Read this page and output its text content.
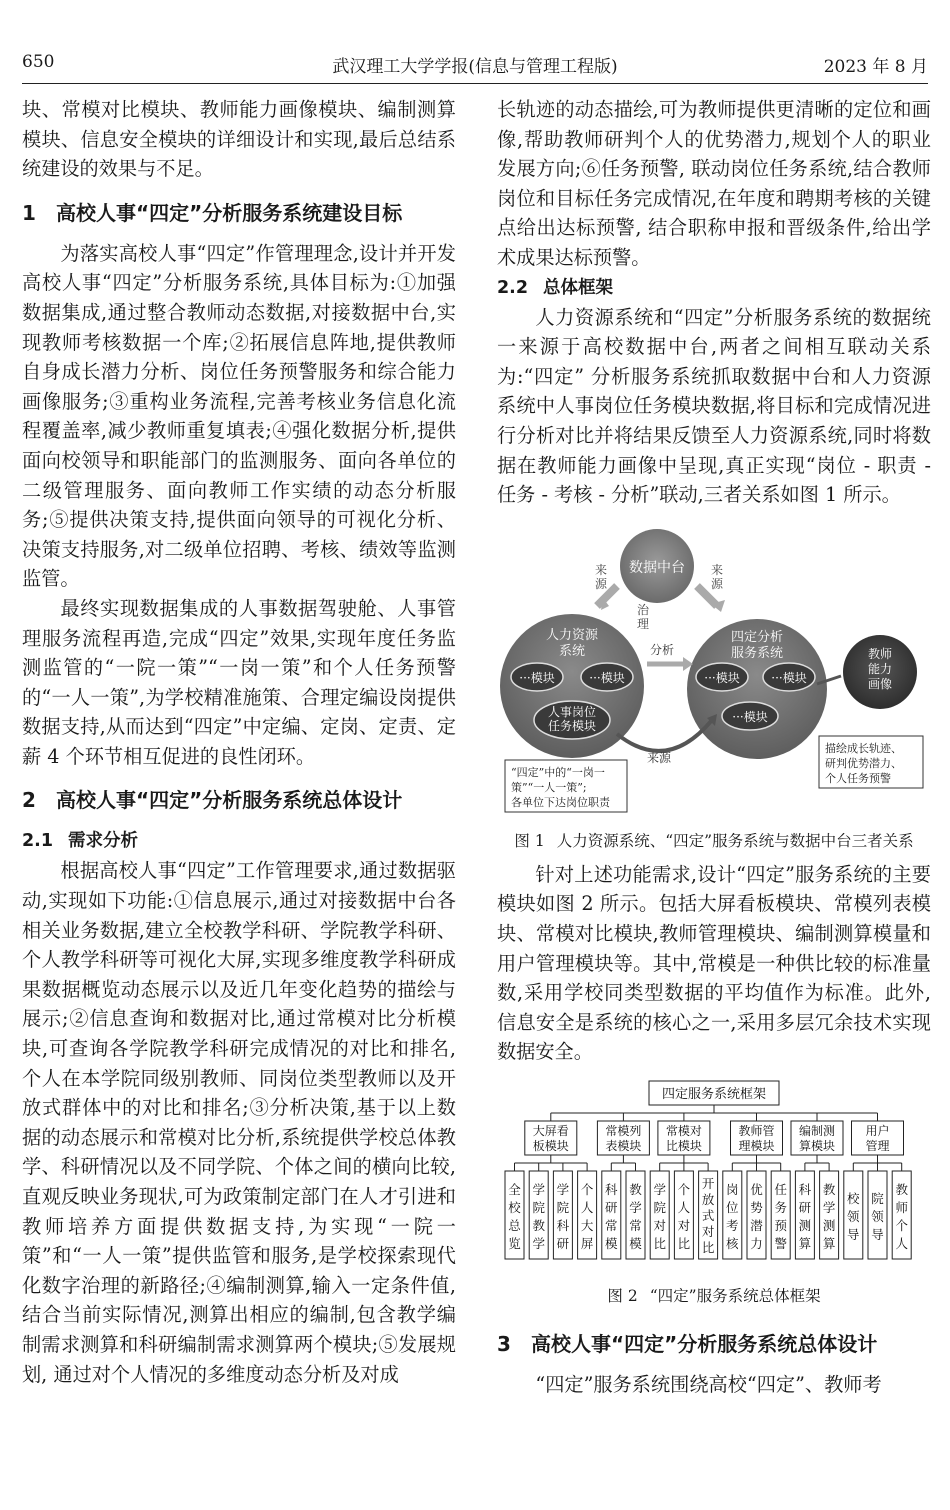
650	武汉理工大学学报(信息与管理工程版)	2023 年 8 月

块、常模对比模块、教师能力画像模块、编制测算模块、信息安全模块的详细设计和实现,最后总结系统建设的效果与不足。

1 高校人事“四定”分析服务系统建设目标

为落实高校人事“四定”作管理理念,设计并开发高校人事“四定”分析服务系统,具体目标为:①加强数据集成,通过整合教师动态数据,对接数据中台,实现教师考核数据一个库;②拓展信息阵地,提供教师自身成长潜力分析、岗位任务预警服务和综合能力画像服务;③重构业务流程,完善考核业务信息化流程覆盖率,减少教师重复填表;④强化数据分析,提供面向校领导和职能部门的监测服务、面向各单位的二级管理服务、面向教师工作实绩的动态分析服务;⑤提供决策支持,提供面向领导的可视化分析、决策支持服务,对二级单位招聘、考核、绩效等监测监管。

最终实现数据集成的人事数据驾驶舱、人事管理服务流程再造,完成“四定”效果,实现年度任务监测监管的“一院一策”“一岗一策”和个人任务预警的“一人一策”,为学校精准施策、合理定编设岗提供数据支持,从而达到“四定”中定编、定岗、定责、定薪 4 个环节相互促进的良性闭环。

2 高校人事“四定”分析服务系统总体设计
2.1 需求分析

根据高校人事“四定”工作管理要求,通过数据驱动,实现如下功能:①信息展示,通过对接数据中台各相关业务数据,建立全校教学科研、学院教学科研、个人教学科研等可视化大屏,实现多维度教学科研成果数据概览动态展示以及近几年变化趋势的描绘与展示;②信息查询和数据对比,通过常模对比分析模块,可查询各学院教学科研完成情况的对比和排名,个人在本学院同级别教师、同岗位类型教师以及开放式群体中的对比和排名;③分析决策,基于以上数据的动态展示和常模对比分析,系统提供学校总体教学、科研情况以及不同学院、个体之间的横向比较,直观反映业务现状,可为政策制定部门在人才引进和教师培养方面提供数据支持,为实现“一院一策”和“一人一策”提供监管和服务,是学校探索现代化数字治理的新路径;④编制测算,输入一定条件值,结合当前实际情况,测算出相应的编制,包含教学编制需求测算和科研编制需求测算两个模块;⑤发展规划, 通过对个人情况的多维度动态分析及对成

长轨迹的动态描绘,可为教师提供更清晰的定位和画像,帮助教师研判个人的优势潜力,规划个人的职业发展方向;⑥任务预警, 联动岗位任务系统,结合教师岗位和目标任务完成情况,在年度和聘期考核的关键点给出达标预警, 结合职称申报和晋级条件,给出学术成果达标预警。

2.2 总体框架

人力资源系统和“四定”分析服务系统的数据统一来源于高校数据中台,两者之间相互联动关系为:“四定” 分析服务系统抓取数据中台和人力资源系统中人事岗位任务模块数据,将目标和完成情况进行分析对比并将结果反馈至人力资源系统,同时将数据在教师能力画像中呈现,真正实现“岗位 - 职责 - 任务 - 考核 - 分析”联动,三者关系如图 1 所示。

数据中台
人力资源
系统
四定分析
服务系统
···模块	···模块
人事岗位
任务模块
···模块	···模块
···模块
教师
能力
画像
来
源
来
源
治
理
分析
来源
“四定”中的“一岗一
策”“一人一策”;
各单位下达岗位职责
描绘成长轨迹、
研判优势潜力、
个人任务预警
图 1 人力资源系统、“四定”服务系统与数据中台三者关系

针对上述功能需求,设计“四定”服务系统的主要模块如图 2 所示。包括大屏看板模块、常模列表模块、常模对比模块,教师管理模块、编制测算模量和用户管理模块等。其中,常模是一种供比较的标准量数,采用学校同类型数据的平均值作为标准。此外,信息安全是系统的核心之一,采用多层冗余技术实现数据安全。

四定服务系统框架
大屏看
板模块
全
校
总
览
学
院
教
学
学
院
科
研
个
人
大
屏
常模列
表模块
科
研
常
模
教
学
常
模
常模对
比模块
学
院
对
比
个
人
对
比
开
放
式
对
比
教师管
理模块
岗
位
考
核
优
势
潜
力
任
务
预
警
编制测
算模块
科
研
测
算
教
学
测
算
用户
管理
校
领
导
院
领
导
教
师
个
人
图 2 “四定”服务系统总体框架
3 高校人事“四定”分析服务系统总体设计

“四定”服务系统围绕高校“四定”、教师考
